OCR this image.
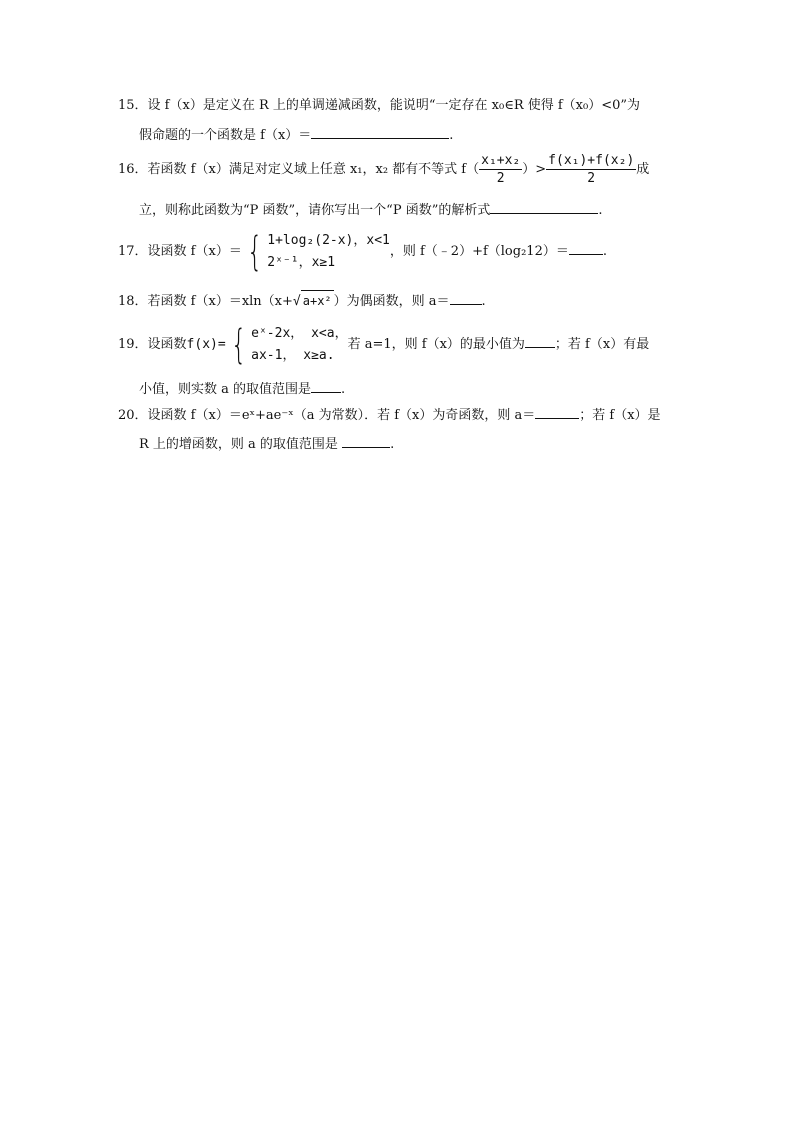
15．设 f（x）是定义在 R 上的单调递减函数，能说明“一定存在 x₀∈R 使得 f（x₀）<0”为
假命题的一个函数是 f（x）＝	.
16．若函数 f（x）满足对定义域上任意 x₁，x₂ 都有不等式 $f( \frac{\text{x₁+x₂}}{2}$ ）> $\frac{\text{f(x₁)+f(x₂)}}{2}$ 成
立，则称此函数为“P 函数”，请你写出一个“P 函数”的解析式	.
17．设函数 f（x）＝ { 1+log₂(2-x)，x<1
2ˣ⁻¹，x≥1
，则 f（﹣2）+f（log₂12）＝	.
18．若函数 f（x）＝xln（x+√ a+x² ）为偶函数，则 a＝ .
19．设函数f(x)= { eˣ-2x， x<a，
ax-1， x≥a.
若 a=1，则 f（x）的最小值为 ；若 f（x）有最
小值，则实数 a 的取值范围是 .
20．设函数 f（x）＝eˣ+ae⁻ˣ（a 为常数）．若 f（x）为奇函数，则 a＝	；若 f（x）是
R 上的增函数，则 a 的取值范围是	.
